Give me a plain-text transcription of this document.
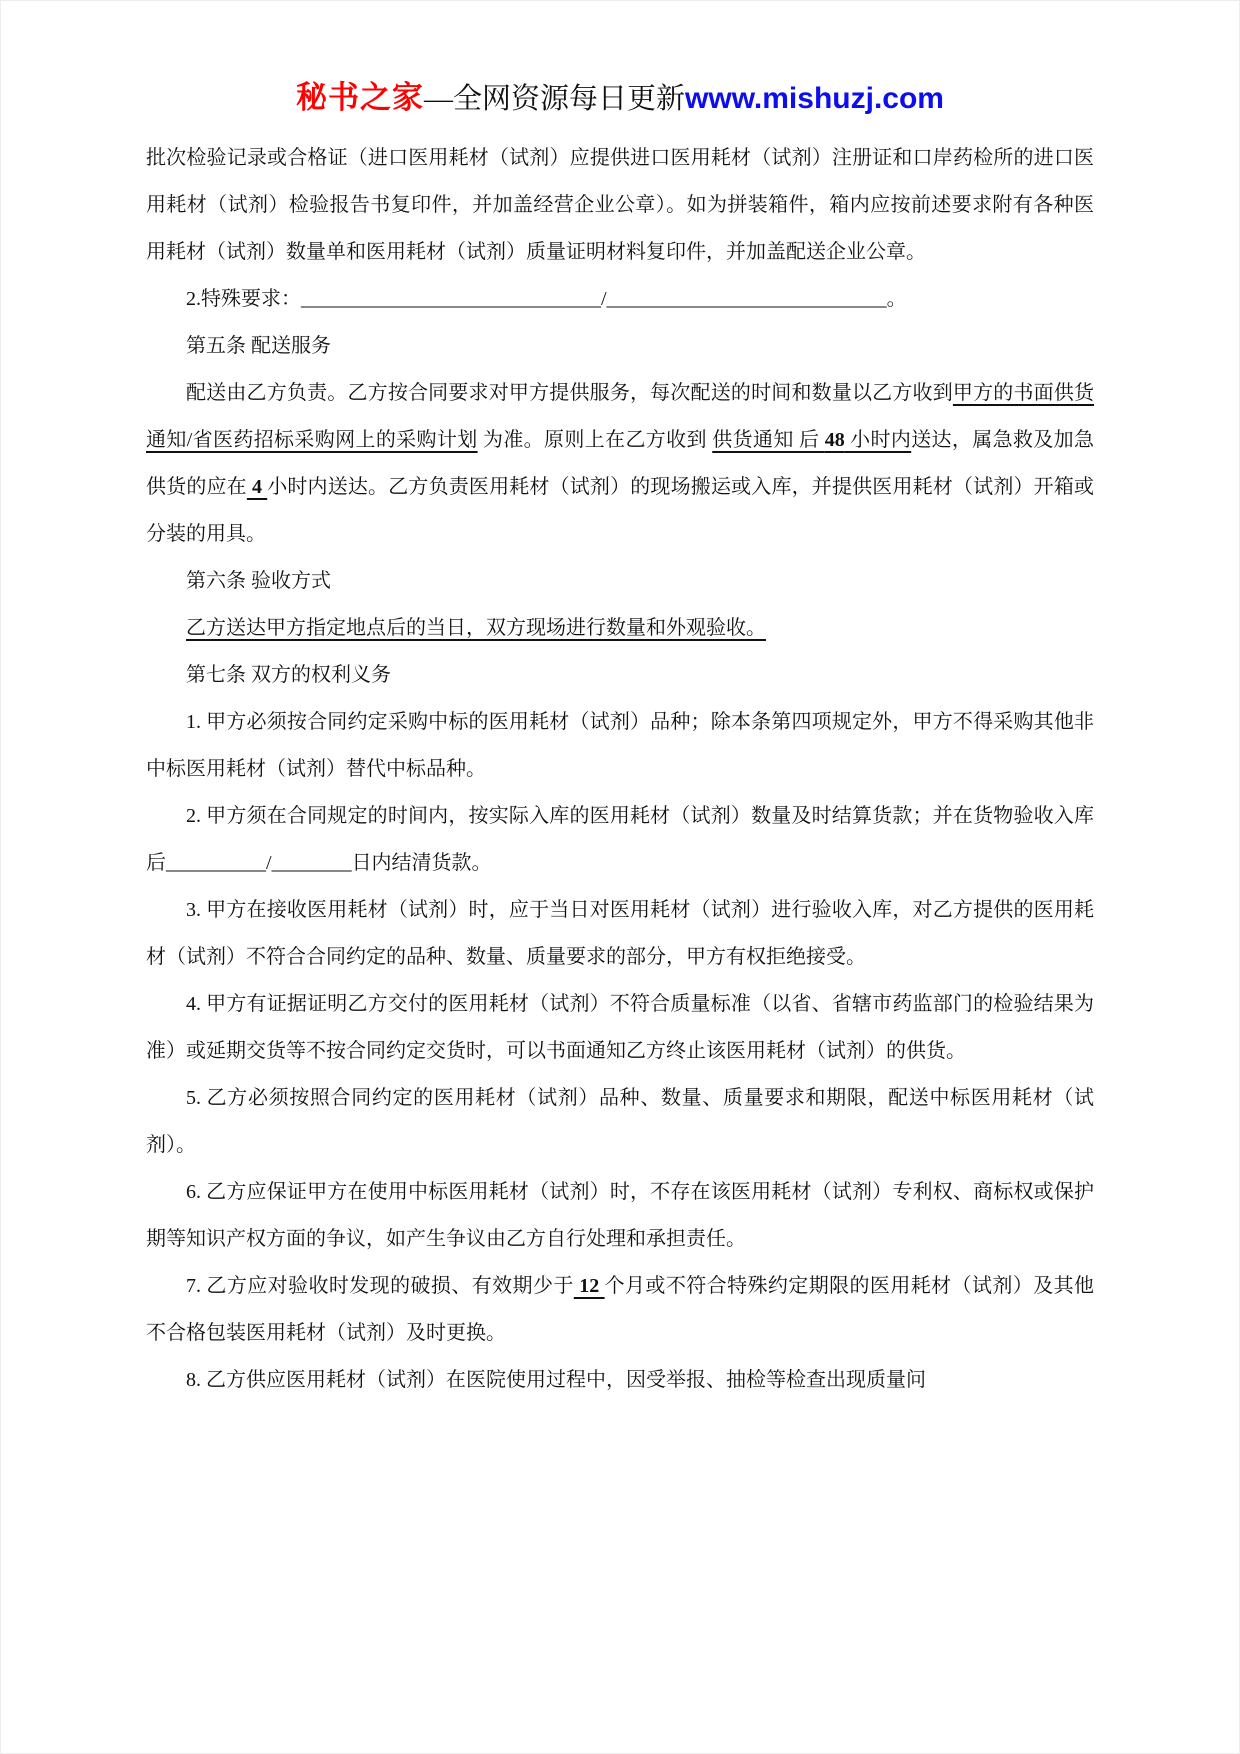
秘书之家—全网资源每日更新www.mishuzj.com

批次检验记录或合格证（进口医用耗材（试剂）应提供进口医用耗材（试剂）注册证和口岸药检所的进口医用耗材（试剂）检验报告书复印件，并加盖经营企业公章）。如为拼装箱件，箱内应按前述要求附有各种医用耗材（试剂）数量单和医用耗材（试剂）质量证明材料复印件，并加盖配送企业公章。

2.特殊要求：______________________________/____________________________。

第五条 配送服务

配送由乙方负责。乙方按合同要求对甲方提供服务，每次配送的时间和数量以乙方收到甲方的书面供货通知/省医药招标采购网上的采购计划 为准。原则上在乙方收到 供货通知 后 48 小时内送达，属急救及加急供货的应在 4 小时内送达。乙方负责医用耗材（试剂）的现场搬运或入库，并提供医用耗材（试剂）开箱或分装的用具。

第六条 验收方式

乙方送达甲方指定地点后的当日，双方现场进行数量和外观验收。

第七条 双方的权利义务

1. 甲方必须按合同约定采购中标的医用耗材（试剂）品种；除本条第四项规定外，甲方不得采购其他非中标医用耗材（试剂）替代中标品种。

2. 甲方须在合同规定的时间内，按实际入库的医用耗材（试剂）数量及时结算货款；并在货物验收入库后__________/________日内结清货款。

3. 甲方在接收医用耗材（试剂）时，应于当日对医用耗材（试剂）进行验收入库，对乙方提供的医用耗材（试剂）不符合合同约定的品种、数量、质量要求的部分，甲方有权拒绝接受。

4. 甲方有证据证明乙方交付的医用耗材（试剂）不符合质量标准（以省、省辖市药监部门的检验结果为准）或延期交货等不按合同约定交货时，可以书面通知乙方终止该医用耗材（试剂）的供货。

5. 乙方必须按照合同约定的医用耗材（试剂）品种、数量、质量要求和期限，配送中标医用耗材（试剂）。

6. 乙方应保证甲方在使用中标医用耗材（试剂）时，不存在该医用耗材（试剂）专利权、商标权或保护期等知识产权方面的争议，如产生争议由乙方自行处理和承担责任。

7. 乙方应对验收时发现的破损、有效期少于 12 个月或不符合特殊约定期限的医用耗材（试剂）及其他不合格包装医用耗材（试剂）及时更换。

8. 乙方供应医用耗材（试剂）在医院使用过程中，因受举报、抽检等检查出现质量问
